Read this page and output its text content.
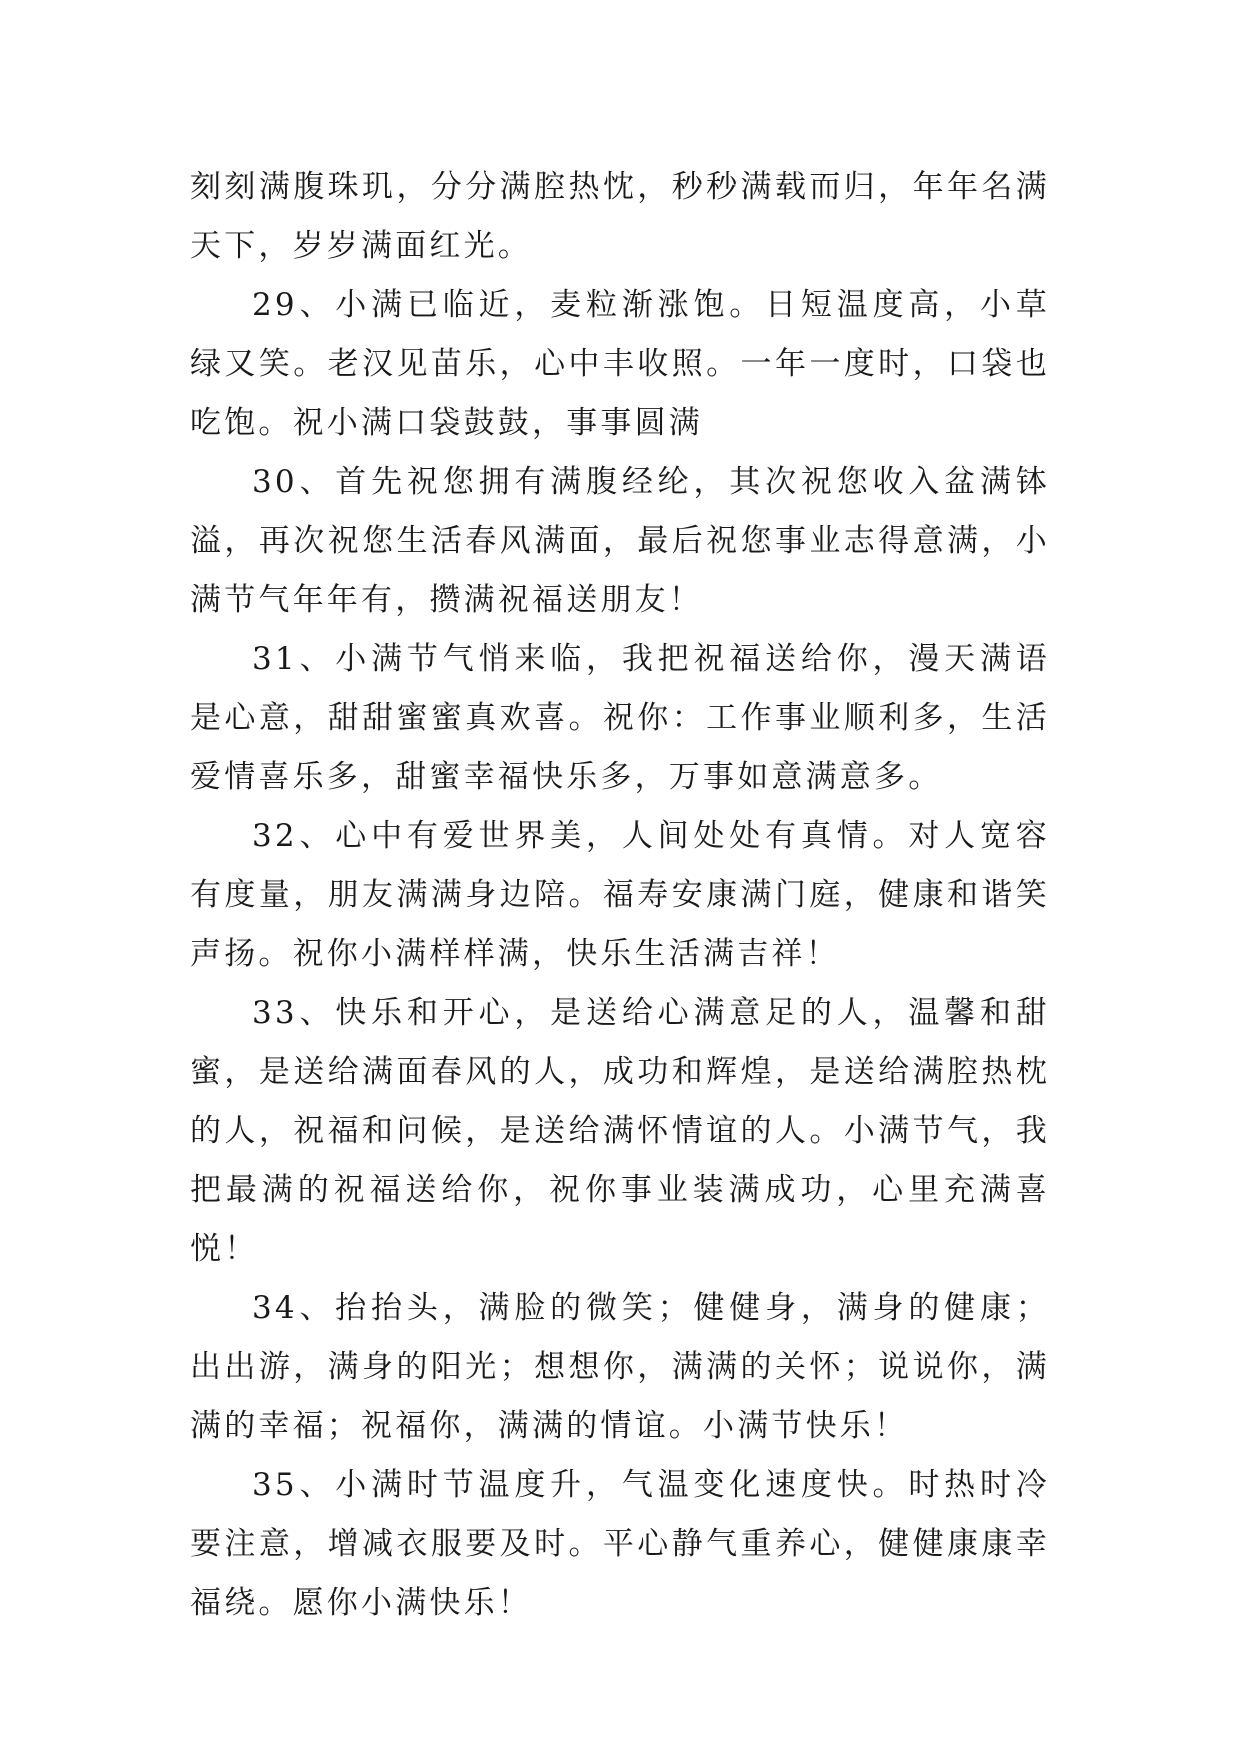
刻刻满腹珠玑，分分满腔热忱，秒秒满载而归，年年名满天下，岁岁满面红光。

29、小满已临近，麦粒渐涨饱。日短温度高，小草绿又笑。老汉见苗乐，心中丰收照。一年一度时，口袋也吃饱。祝小满口袋鼓鼓，事事圆满

30、首先祝您拥有满腹经纶，其次祝您收入盆满钵溢，再次祝您生活春风满面，最后祝您事业志得意满，小满节气年年有，攒满祝福送朋友！

31、小满节气悄来临，我把祝福送给你，漫天满语是心意，甜甜蜜蜜真欢喜。祝你：工作事业顺利多，生活爱情喜乐多，甜蜜幸福快乐多，万事如意满意多。

32、心中有爱世界美，人间处处有真情。对人宽容有度量，朋友满满身边陪。福寿安康满门庭，健康和谐笑声扬。祝你小满样样满，快乐生活满吉祥！

33、快乐和开心，是送给心满意足的人，温馨和甜蜜，是送给满面春风的人，成功和辉煌，是送给满腔热枕的人，祝福和问候，是送给满怀情谊的人。小满节气，我把最满的祝福送给你，祝你事业装满成功，心里充满喜悦！

34、抬抬头，满脸的微笑；健健身，满身的健康；出出游，满身的阳光；想想你，满满的关怀；说说你，满满的幸福；祝福你，满满的情谊。小满节快乐！

35、小满时节温度升，气温变化速度快。时热时冷要注意，增减衣服要及时。平心静气重养心，健健康康幸福绕。愿你小满快乐！
